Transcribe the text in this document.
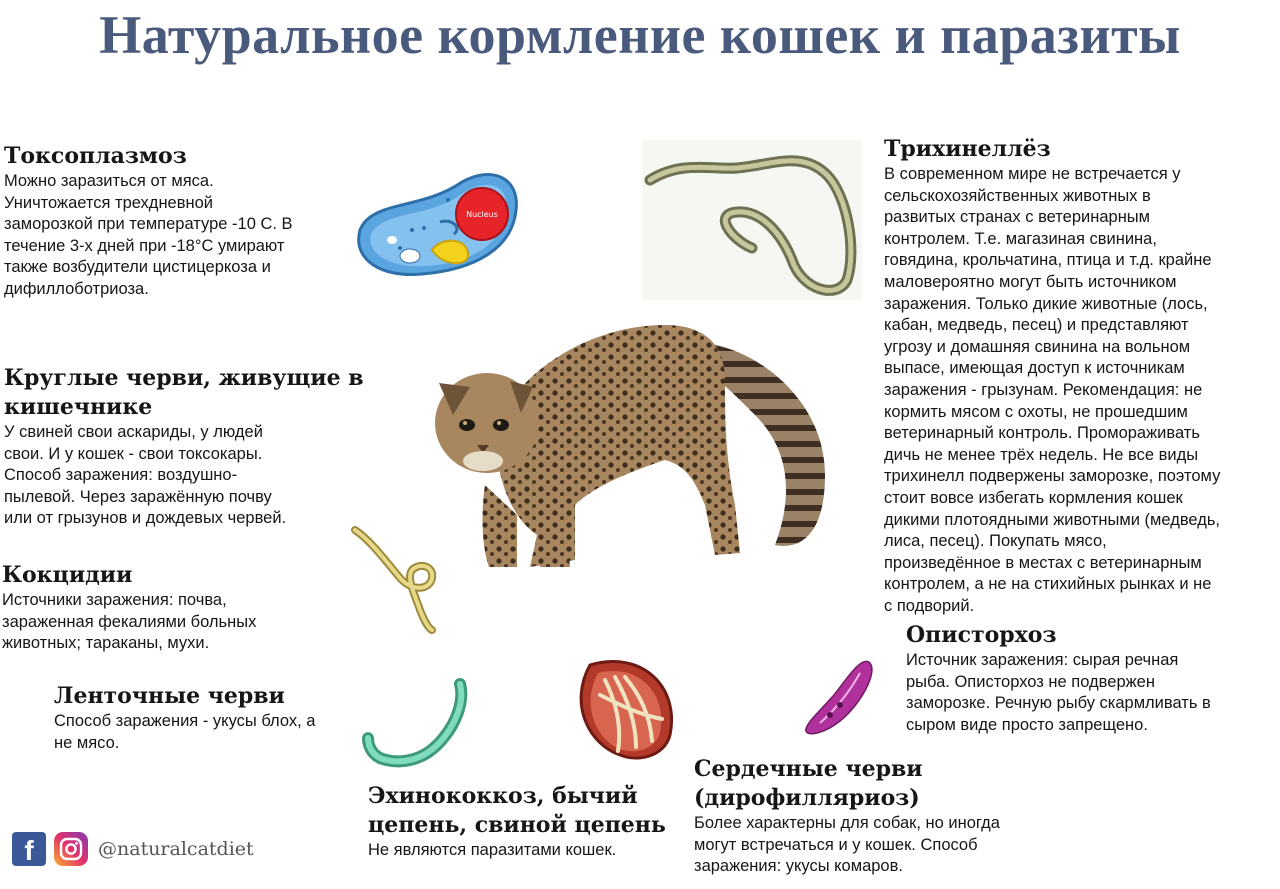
Натуральное кормление кошек и паразиты
Токсоплазмоз

Можно заразиться от мяса.
Уничтожается трехдневной
заморозкой при температуре -10 С. В
течение 3-х дней при -18°С умирают
также возбудители цистицеркоза и
дифиллоботриоза.

Круглые черви, живущие в
кишечнике

У свиней свои аскариды, у людей
свои. И у кошек - свои токсокары.
Способ заражения: воздушно-
пылевой. Через заражённую почву
или от грызунов и дождевых червей.

Кокцидии

Источники заражения: почва,
зараженная фекалиями больных
животных; тараканы, мухи.

Ленточные черви

Способ заражения - укусы блох, а
не мясо.

Эхинококкоз, бычий
цепень, свиной цепень

Не являются паразитами кошек.

Сердечные черви
(дирофилляриоз)

Более характерны для собак, но иногда
могут встречаться и у кошек. Способ
заражения: укусы комаров.

Описторхоз

Источник заражения: сырая речная
рыба. Описторхоз не подвержен
заморозке. Речную рыбу скармливать в
сыром виде просто запрещено.

Трихинеллёз

В современном мире не встречается у
сельскохозяйственных животных в
развитых странах с ветеринарным
контролем. Т.е. магазиная свинина,
говядина, крольчатина, птица и т.д. крайне
маловероятно могут быть источником
заражения. Только дикие животные (лось,
кабан, медведь, песец) и представляют
угрозу и домашняя свинина на вольном
выпасе, имеющая доступ к источникам
заражения - грызунам. Рекомендация: не
кормить мясом с охоты, не прошедшим
ветеринарный контроль. Промораживать
дичь не менее трёх недель. Не все виды
трихинелл подвержены заморозке, поэтому
стоит вовсе избегать кормления кошек
дикими плотоядными животными (медведь,
лиса, песец). Покупать мясо,
произведённое в местах с ветеринарным
контролем, а не на стихийных рынках и не
с подворий.

Nucleus
f	@naturalcatdiet
